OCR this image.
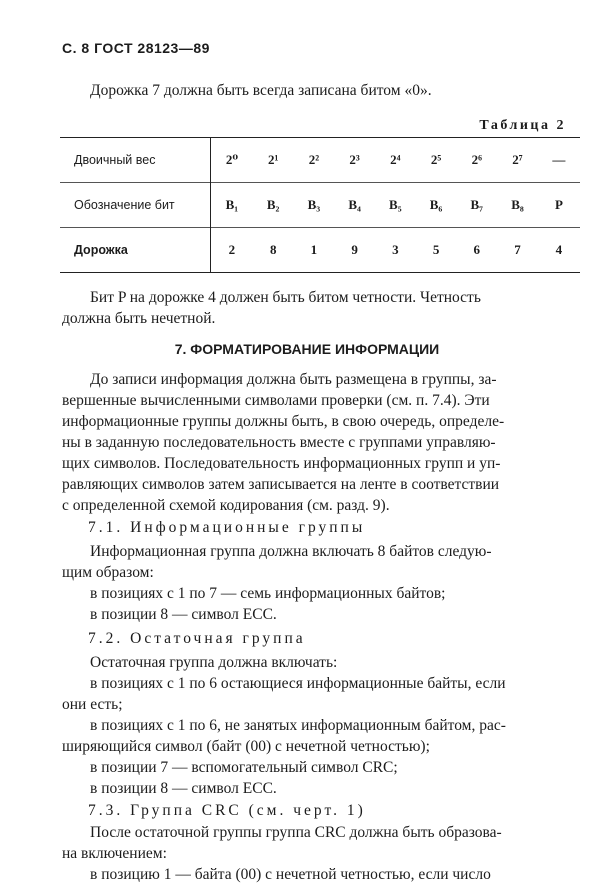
С. 8 ГОСТ 28123—89
Дорожка 7 должна быть всегда записана битом «0».
Таблица 2
Двоичный вес	2⁰	2¹	2²	2³	2⁴	2⁵	2⁶	2⁷	—
Обозначение бит	B₁	B₂	B₃	B₄	B₅	B₆	B₇	B₈	P
Дорожка	2	8	1	9	3	5	6	7	4
Бит P на дорожке 4 должен быть битом четности. Четность
должна быть нечетной.
7. ФОРМАТИРОВАНИЕ ИНФОРМАЦИИ
До записи информация должна быть размещена в группы, за-
вершенные вычисленными символами проверки (см. п. 7.4). Эти
информационные группы должны быть, в свою очередь, определе-
ны в заданную последовательность вместе с группами управляю-
щих символов. Последовательность информационных групп и уп-
равляющих символов затем записывается на ленте в соответствии
с определенной схемой кодирования (см. разд. 9).
7.1. Информационные группы
Информационная группа должна включать 8 байтов следую-
щим образом:
в позициях с 1 по 7 — семь информационных байтов;
в позиции 8 — символ ECC.
7.2. Остаточная группа
Остаточная группа должна включать:
в позициях с 1 по 6 остающиеся информационные байты, если
они есть;
в позициях с 1 по 6, не занятых информационным байтом, рас-
ширяющийся символ (байт (00) с нечетной четностью);
в позиции 7 — вспомогательный символ CRC;
в позиции 8 — символ ECC.
7.3. Группа CRC (см. черт. 1)
После остаточной группы группа CRC должна быть образова-
на включением:
в позицию 1 — байта (00) с нечетной четностью, если число
